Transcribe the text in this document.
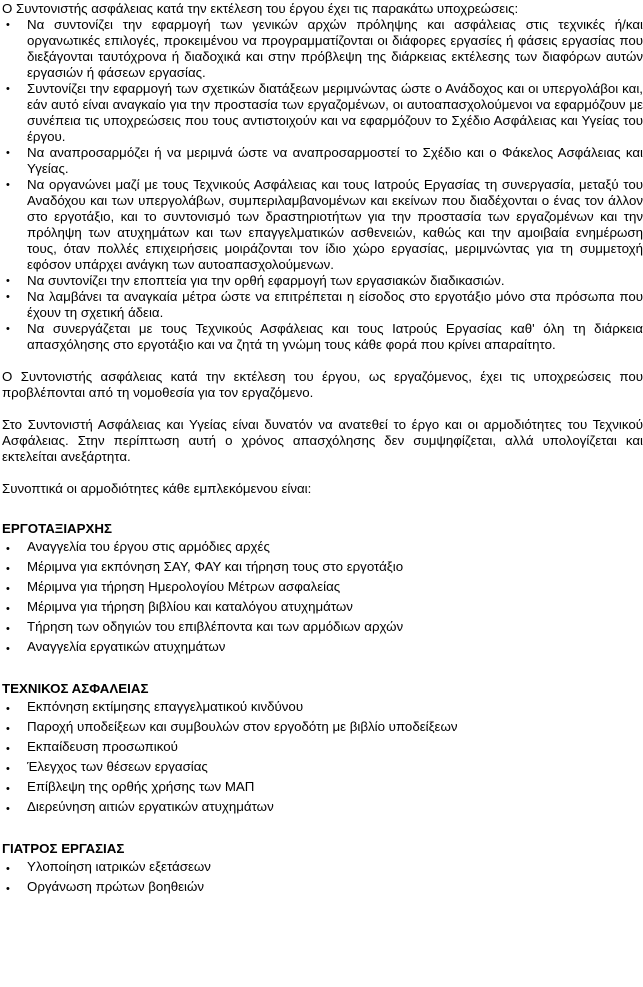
Ο Συντονιστής ασφάλειας κατά την εκτέλεση του έργου έχει τις παρακάτω υποχρεώσεις:

• Να συντονίζει την εφαρμογή των γενικών αρχών πρόληψης και ασφάλειας στις τεχνικές ή/και οργανωτικές επιλογές, προκειμένου να προγραμματίζονται οι διάφορες εργασίες ή φάσεις εργασίας που διεξάγονται ταυτόχρονα ή διαδοχικά και στην πρόβλεψη της διάρκειας εκτέλεσης των διαφόρων αυτών εργασιών ή φάσεων εργασίας.
• Συντονίζει την εφαρμογή των σχετικών διατάξεων μεριμνώντας ώστε ο Ανάδοχος και οι υπεργολάβοι και, εάν αυτό είναι αναγκαίο για την προστασία των εργαζομένων, οι αυτοαπασχολούμενοι να εφαρμόζουν με συνέπεια τις υποχρεώσεις που τους αντιστοιχούν και να εφαρμόζουν το Σχέδιο Ασφάλειας και Υγείας του έργου.
• Να αναπροσαρμόζει ή να μεριμνά ώστε να αναπροσαρμοστεί το Σχέδιο και ο Φάκελος Ασφάλειας και Υγείας.
• Να οργανώνει μαζί με τους Τεχνικούς Ασφάλειας και τους Ιατρούς Εργασίας τη συνεργασία, μεταξύ του Αναδόχου και των υπεργολάβων, συμπεριλαμβανομένων και εκείνων που διαδέχονται ο ένας τον άλλον στο εργοτάξιο, και το συντονισμό των δραστηριοτήτων για την προστασία των εργαζομένων και την πρόληψη των ατυχημάτων και των επαγγελματικών ασθενειών, καθώς και την αμοιβαία ενημέρωση τους, όταν πολλές επιχειρήσεις μοιράζονται τον ίδιο χώρο εργασίας, μεριμνώντας για τη συμμετοχή εφόσον υπάρχει ανάγκη των αυτοαπασχολούμενων.
• Να συντονίζει την εποπτεία για την ορθή εφαρμογή των εργασιακών διαδικασιών.
• Να λαμβάνει τα αναγκαία μέτρα ώστε να επιτρέπεται η είσοδος στο εργοτάξιο μόνο στα πρόσωπα που έχουν τη σχετική άδεια.
• Να συνεργάζεται με τους Τεχνικούς Ασφάλειας και τους Ιατρούς Εργασίας καθ' όλη τη διάρκεια απασχόλησης στο εργοτάξιο και να ζητά τη γνώμη τους κάθε φορά που κρίνει απαραίτητο.

Ο Συντονιστής ασφάλειας κατά την εκτέλεση του έργου, ως εργαζόμενος, έχει τις υποχρεώσεις που προβλέπονται από τη νομοθεσία για τον εργαζόμενο.

Στο Συντονιστή Ασφάλειας και Υγείας είναι δυνατόν να ανατεθεί το έργο και οι αρμοδιότητες του Τεχνικού Ασφάλειας. Στην περίπτωση αυτή ο χρόνος απασχόλησης δεν συμψηφίζεται, αλλά υπολογίζεται και εκτελείται ανεξάρτητα.

Συνοπτικά οι αρμοδιότητες κάθε εμπλεκόμενου είναι:

ΕΡΓΟΤΑΞΙΑΡΧΗΣ
• Αναγγελία του έργου στις αρμόδιες αρχές
• Μέριμνα για εκπόνηση ΣΑΥ, ΦΑΥ και τήρηση τους στο εργοτάξιο
• Μέριμνα για τήρηση Ημερολογίου Μέτρων ασφαλείας
• Μέριμνα για τήρηση βιβλίου και καταλόγου ατυχημάτων
• Τήρηση των οδηγιών του επιβλέποντα και των αρμόδιων αρχών
• Αναγγελία εργατικών ατυχημάτων
ΤΕΧΝΙΚΟΣ ΑΣΦΑΛΕΙΑΣ
• Εκπόνηση εκτίμησης επαγγελματικού κινδύνου
• Παροχή υποδείξεων και συμβουλών στον εργοδότη με βιβλίο υποδείξεων
• Εκπαίδευση προσωπικού
• Έλεγχος των θέσεων εργασίας
• Επίβλεψη της ορθής χρήσης των ΜΑΠ
• Διερεύνηση αιτιών εργατικών ατυχημάτων
ΓΙΑΤΡΟΣ ΕΡΓΑΣΙΑΣ
• Υλοποίηση ιατρικών εξετάσεων
• Οργάνωση πρώτων βοηθειών
